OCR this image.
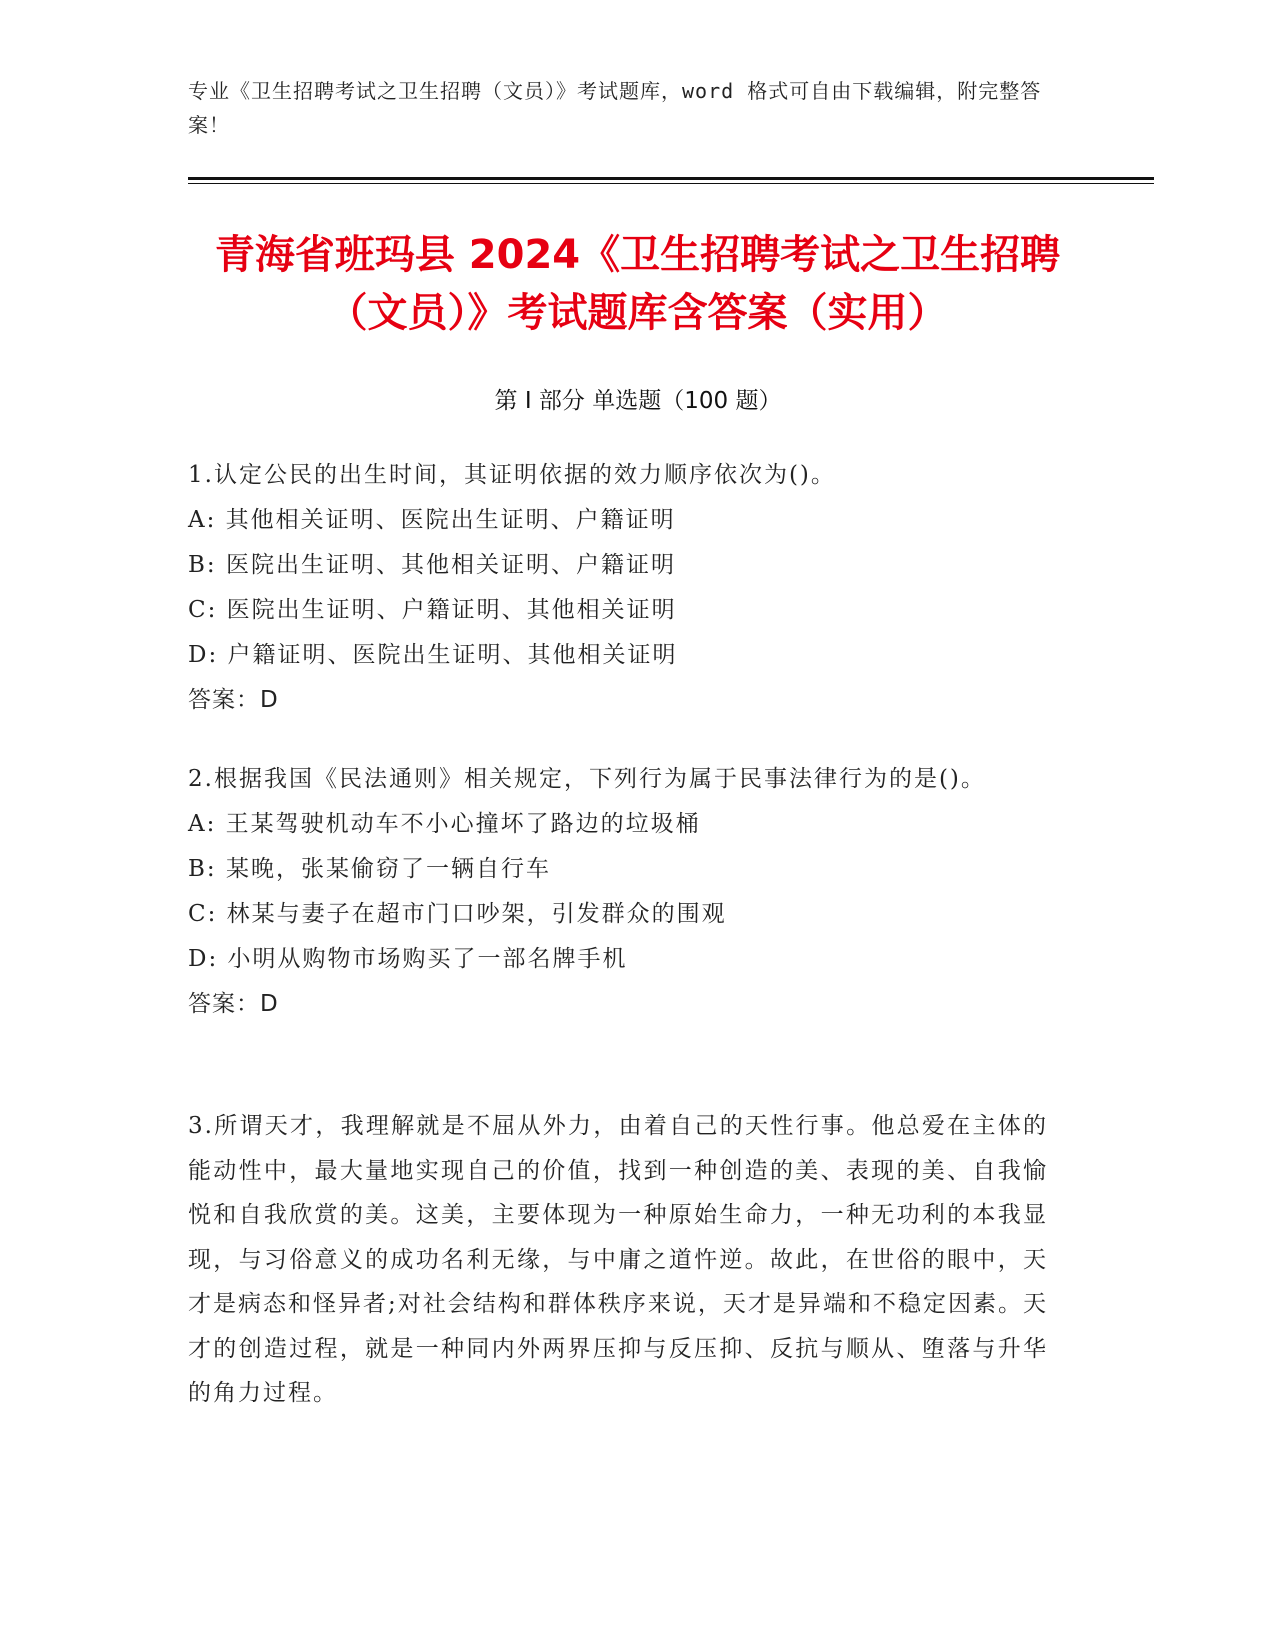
专业《卫生招聘考试之卫生招聘（文员）》考试题库，word 格式可自由下载编辑，附完整答案！
青海省班玛县 2024《卫生招聘考试之卫生招聘（文员）》考试题库含答案（实用）
第 I 部分 单选题（100 题）
1.认定公民的出生时间，其证明依据的效力顺序依次为()。
A: 其他相关证明、医院出生证明、户籍证明
B: 医院出生证明、其他相关证明、户籍证明
C: 医院出生证明、户籍证明、其他相关证明
D: 户籍证明、医院出生证明、其他相关证明
答案：D
2.根据我国《民法通则》相关规定，下列行为属于民事法律行为的是()。
A: 王某驾驶机动车不小心撞坏了路边的垃圾桶
B: 某晚，张某偷窃了一辆自行车
C: 林某与妻子在超市门口吵架，引发群众的围观
D: 小明从购物市场购买了一部名牌手机
答案：D
3.所谓天才，我理解就是不屈从外力，由着自己的天性行事。他总爱在主体的能动性中，最大量地实现自己的价值，找到一种创造的美、表现的美、自我愉悦和自我欣赏的美。这美，主要体现为一种原始生命力，一种无功利的本我显现，与习俗意义的成功名利无缘，与中庸之道忤逆。故此，在世俗的眼中，天才是病态和怪异者;对社会结构和群体秩序来说，天才是异端和不稳定因素。天才的创造过程，就是一种同内外两界压抑与反压抑、反抗与顺从、堕落与升华的角力过程。
